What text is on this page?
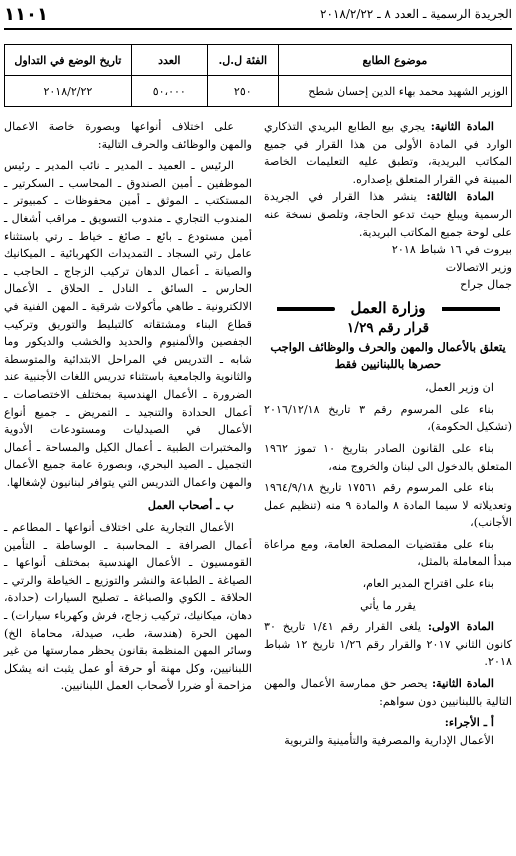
الجريدة الرسمية ـ العدد ٨ ـ ٢٠١٨/٢/٢٢
١١٠١
موضوع الطابع	الفئة ل.ل.	العدد	تاريخ الوضع في التداول
الوزير الشهيد محمد بهاء الدين إحسان شطح	٢٥٠	٥٠،٠٠٠	٢٠١٨/٢/٢٢

المادة الثانية: يجري بيع الطابع البريدي التذكاري الوارد في المادة الأولى من هذا القرار في جميع المكاتب البريدية، وتطبق عليه التعليمات الخاصة المبينة في القرار المتعلق بإصداره.

المادة الثالثة: ينشر هذا القرار في الجريدة الرسمية ويبلغ حيث تدعو الحاجة، وتلصق نسخة عنه على لوحة جميع المكاتب البريدية.

بيروت في ١٦ شباط ٢٠١٨

وزير الاتصالات

جمال جراح

وزارة العمل
قرار رقم ١/٢٩
يتعلق بالأعمال والمهن والحرف والوظائف الواجب حصرها باللبنانيين فقط

ان وزير العمل،

بناء على المرسوم رقم ٣ تاريخ ٢٠١٦/١٢/١٨ (تشكيل الحكومة)،

بناء على القانون الصادر بتاريخ ١٠ تموز ١٩٦٢ المتعلق بالدخول الى لبنان والخروج منه،

بناء على المرسوم رقم ١٧٥٦١ تاريخ ١٩٦٤/٩/١٨ وتعديلاته لا سيما المادة ٨ والمادة ٩ منه (تنظيم عمل الأجانب)،

بناء على مقتضيات المصلحة العامة، ومع مراعاة مبدأ المعاملة بالمثل،

بناء على اقتراح المدير العام،

يقرر ما يأتي

المادة الاولى: يلغى القرار رقم ١/٤١ تاريخ ٣٠ كانون الثاني ٢٠١٧ والقرار رقم ١/٢٦ تاريخ ١٢ شباط ٢٠١٨.

المادة الثانية: يحصر حق ممارسة الأعمال والمهن التالية باللبنانيين دون سواهم:

أ ـ الأجراء:

الأعمال الإدارية والمصرفية والتأمينية والتربوية

على اختلاف أنواعها وبصورة خاصة الاعمال والمهن والوظائف والحرف التالية:

الرئيس ـ العميد ـ المدير ـ نائب المدير ـ رئيس الموظفين ـ أمين الصندوق ـ المحاسب ـ السكرتير ـ المستكتب ـ الموثق ـ أمين محفوظات ـ كمبيوتر ـ المندوب التجاري ـ مندوب التسويق ـ مراقب أشغال ـ أمين مستودع ـ بائع ـ صائغ ـ خياط ـ رتي باستثناء عامل رتي السجاد ـ التمديدات الكهربائية ـ الميكانيك والصيانة ـ أعمال الدهان تركيب الزجاج ـ الحاجب ـ الحارس ـ السائق ـ النادل ـ الحلاق ـ الأعمال الالكترونية ـ طاهي مأكولات شرقية ـ المهن الفنية في قطاع البناء ومشتقاته كالتبليط والتوريق وتركيب الجفصين والألمنيوم والحديد والخشب والديكور وما شابه ـ التدريس في المراحل الابتدائية والمتوسطة والثانوية والجامعية باستثناء تدريس اللغات الأجنبية عند الضرورة ـ الأعمال الهندسية بمختلف الاختصاصات ـ أعمال الحدادة والتنجيد ـ التمريض ـ جميع أنواع الأعمال في الصيدليات ومستودعات الأدوية والمختبرات الطبية ـ أعمال الكيل والمساحة ـ أعمال التجميل ـ الصيد البحري، وبصورة عامة جميع الأعمال والمهن واعمال التدريس التي يتوافر لبنانيون لإشغالها.

ب ـ أصحاب العمل

الأعمال التجارية على اختلاف أنواعها ـ المطاعم ـ أعمال الصرافة ـ المحاسبة ـ الوساطة ـ التأمين القومسيون ـ الأعمال الهندسية بمختلف أنواعها ـ الصياغة ـ الطباعة والنشر والتوزيع ـ الخياطة والرتي ـ الحلاقة ـ الكوي والصباغة ـ تصليح السيارات (حدادة، دهان، ميكانيك، تركيب زجاج، فرش وكهرباء سيارات) ـ المهن الحرة (هندسة، طب، صيدلة، محاماة الخ) وسائر المهن المنظمة بقانون يحظر ممارستها من غير اللبنانيين، وكل مهنة أو حرفة أو عمل يثبت انه يشكل مزاحمة أو ضررا لأصحاب العمل اللبنانيين.
